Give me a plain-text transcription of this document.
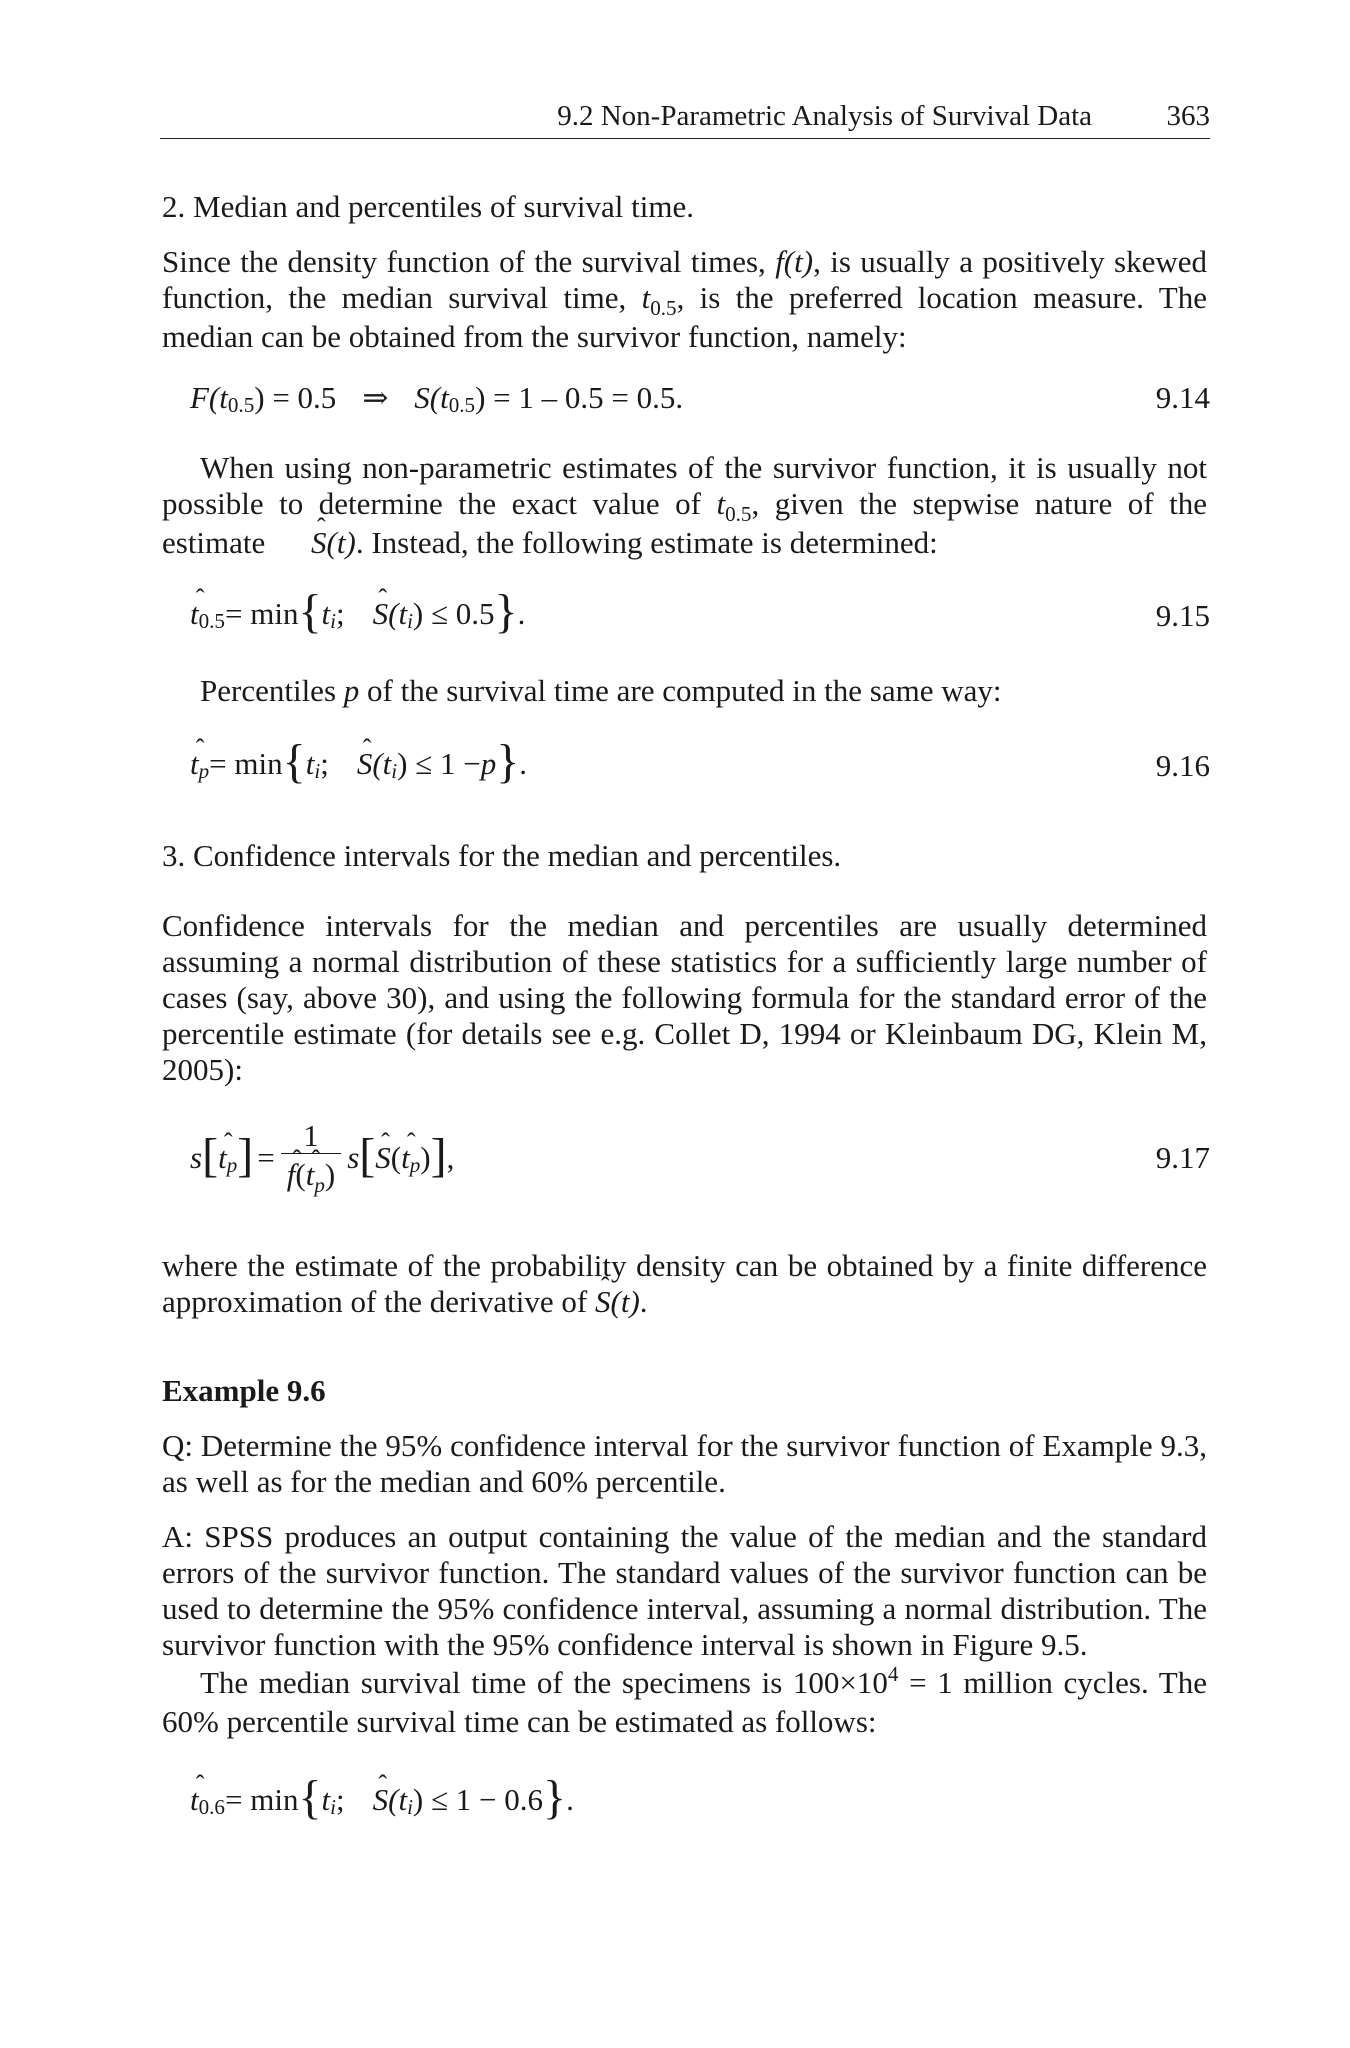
9.2 Non-Parametric Analysis of Survival Data	363
2. Median and percentiles of survival time.
Since the density function of the survival times, f(t), is usually a positively skewed function, the median survival time, $t_{0.5}$, is the preferred location measure. The median can be obtained from the survivor function, namely:
F( t 0.5 ) = 0.5 ⇒ S( t 0.5 ) = 1 – 0.5 = 0.5.	9.14
When using non-parametric estimates of the survivor function, it is usually not possible to determine the exact value of $t_{0.5}$, given the stepwise nature of the estimate S ˆ(t). Instead, the following estimate is determined:
t ˆ 0.5 = min { t i ; S ˆ (t i ) ≤ 0.5 } .	9.15
Percentiles p of the survival time are computed in the same way:
t ˆ p = min { t i ; S ˆ (t i ) ≤ 1 − p } .	9.16
3. Confidence intervals for the median and percentiles.
Confidence intervals for the median and percentiles are usually determined assuming a normal distribution of these statistics for a sufficiently large number of cases (say, above 30), and using the following formula for the standard error of the percentile estimate (for details see e.g. Collet D, 1994 or Kleinbaum DG, Klein M, 2005):
s [ t ˆ p ] = $\frac{1}{f ˆ(t ˆ_p)}$ s [ S ˆ ( t ˆ p ) ] ,	9.17
where the estimate of the probability density can be obtained by a finite difference approximation of the derivative of S ˆ(t).
Example 9.6
Q: Determine the 95% confidence interval for the survivor function of Example 9.3, as well as for the median and 60% percentile.
A: SPSS produces an output containing the value of the median and the standard errors of the survivor function. The standard values of the survivor function can be used to determine the 95% confidence interval, assuming a normal distribution. The survivor function with the 95% confidence interval is shown in Figure 9.5.
The median survival time of the specimens is $100\times 10^4 = 1$ million cycles. The 60% percentile survival time can be estimated as follows:
t ˆ 0.6 = min { t i ; S ˆ (t i ) ≤ 1 − 0.6 } .
